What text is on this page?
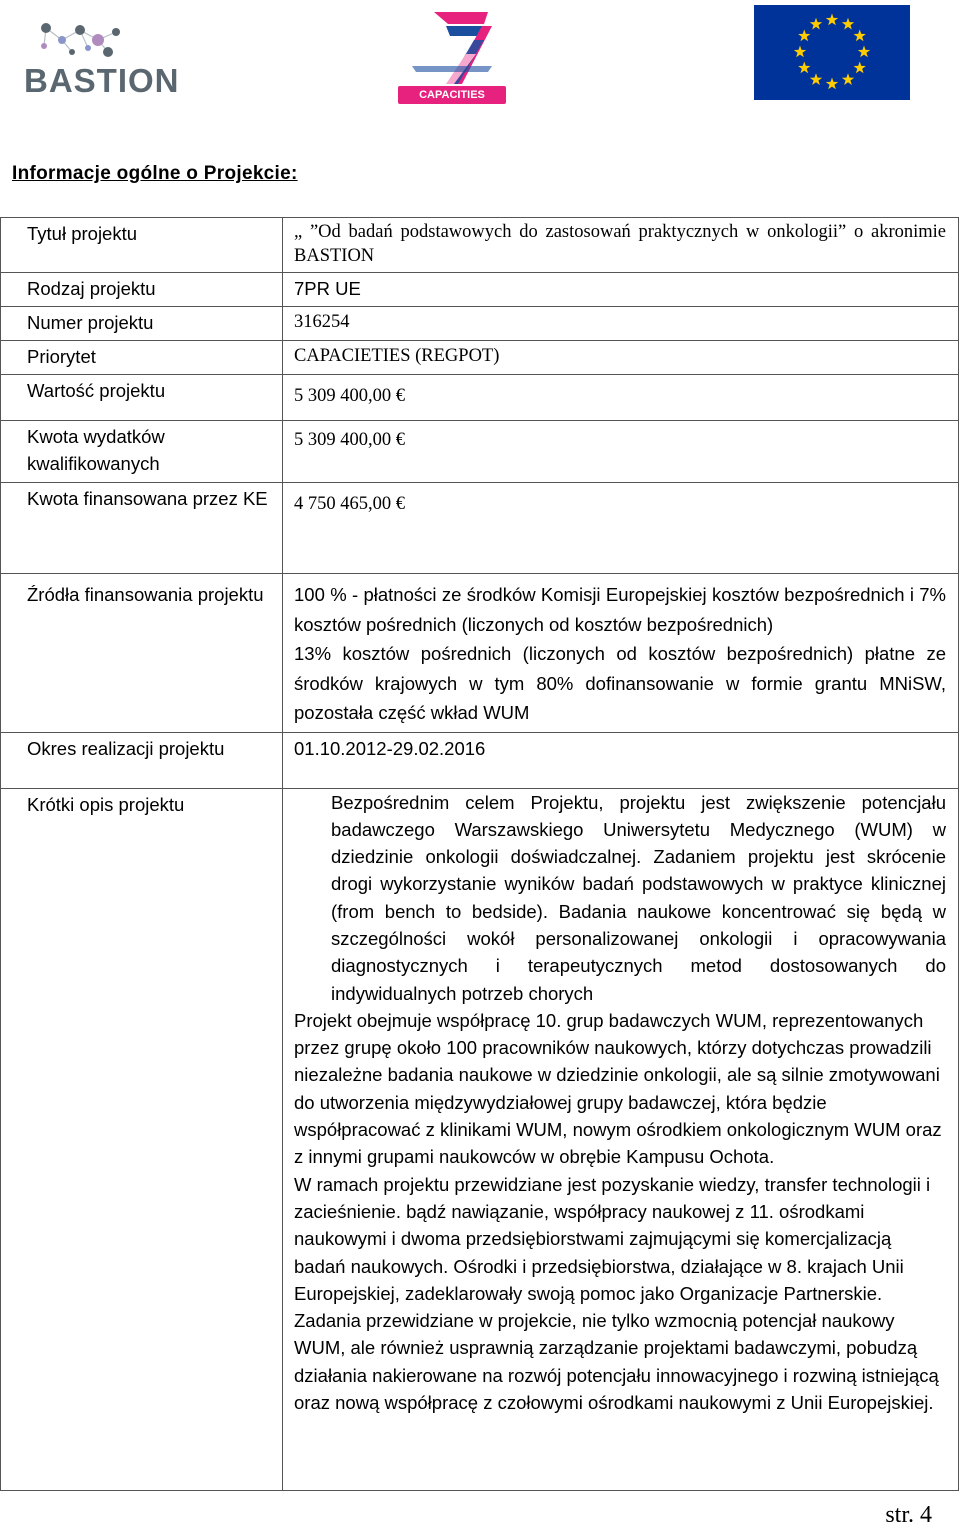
BASTION	CAPACITIES
Informacje ogólne o Projekcie:
Tytuł projektu	„ ”Od badań podstawowych do zastosowań praktycznych w onkologii” o akronimie BASTION
Rodzaj projektu	7PR UE
Numer projektu	316254
Priorytet	CAPACIETIES (REGPOT)
Wartość projektu	5 309 400,00 €
Kwota wydatków kwalifikowanych	5 309 400,00 €
Kwota finansowana przez KE	4 750 465,00 €
Źródła finansowania projektu	100 % - płatności ze środków Komisji Europejskiej kosztów bezpośrednich i 7% kosztów pośrednich (liczonych od kosztów bezpośrednich)
13% kosztów pośrednich (liczonych od kosztów bezpośrednich) płatne ze środków krajowych w tym 80% dofinansowanie w formie grantu MNiSW, pozostała część wkład WUM

Okres realizacji projektu	01.10.2012-29.02.2016
Krótki opis projektu	Bezpośrednim celem Projektu, projektu jest zwiększenie potencjału badawczego Warszawskiego Uniwersytetu Medycznego (WUM) w dziedzinie onkologii doświadczalnej. Zadaniem projektu jest skrócenie drogi wykorzystanie wyników badań podstawowych w praktyce klinicznej (from bench to bedside). Badania naukowe koncentrować się będą w szczególności wokół personalizowanej onkologii i opracowywania diagnostycznych i terapeutycznych metod dostosowanych do indywidualnych potrzeb chorych
Projekt obejmuje współpracę 10. grup badawczych WUM, reprezentowanych przez grupę około 100 pracowników naukowych, którzy dotychczas prowadzili niezależne badania naukowe w dziedzinie onkologii, ale są silnie zmotywowani do utworzenia międzywydziałowej grupy badawczej, która będzie współpracować z klinikami WUM, nowym ośrodkiem onkologicznym WUM oraz z innymi grupami naukowców w obrębie Kampusu Ochota.
W ramach projektu przewidziane jest pozyskanie wiedzy, transfer technologii i zacieśnienie. bądź nawiązanie, współpracy naukowej z 11. ośrodkami naukowymi i dwoma przedsiębiorstwami zajmującymi się komercjalizacją badań naukowych. Ośrodki i przedsiębiorstwa, działające w 8. krajach Unii Europejskiej, zadeklarowały swoją pomoc jako Organizacje Partnerskie.
Zadania przewidziane w projekcie, nie tylko wzmocnią potencjał naukowy WUM, ale również usprawnią zarządzanie projektami badawczymi, pobudzą działania nakierowane na rozwój potencjału innowacyjnego i rozwiną istniejącą oraz nową współpracę z czołowymi ośrodkami naukowymi z Unii Europejskiej.
str. 4
